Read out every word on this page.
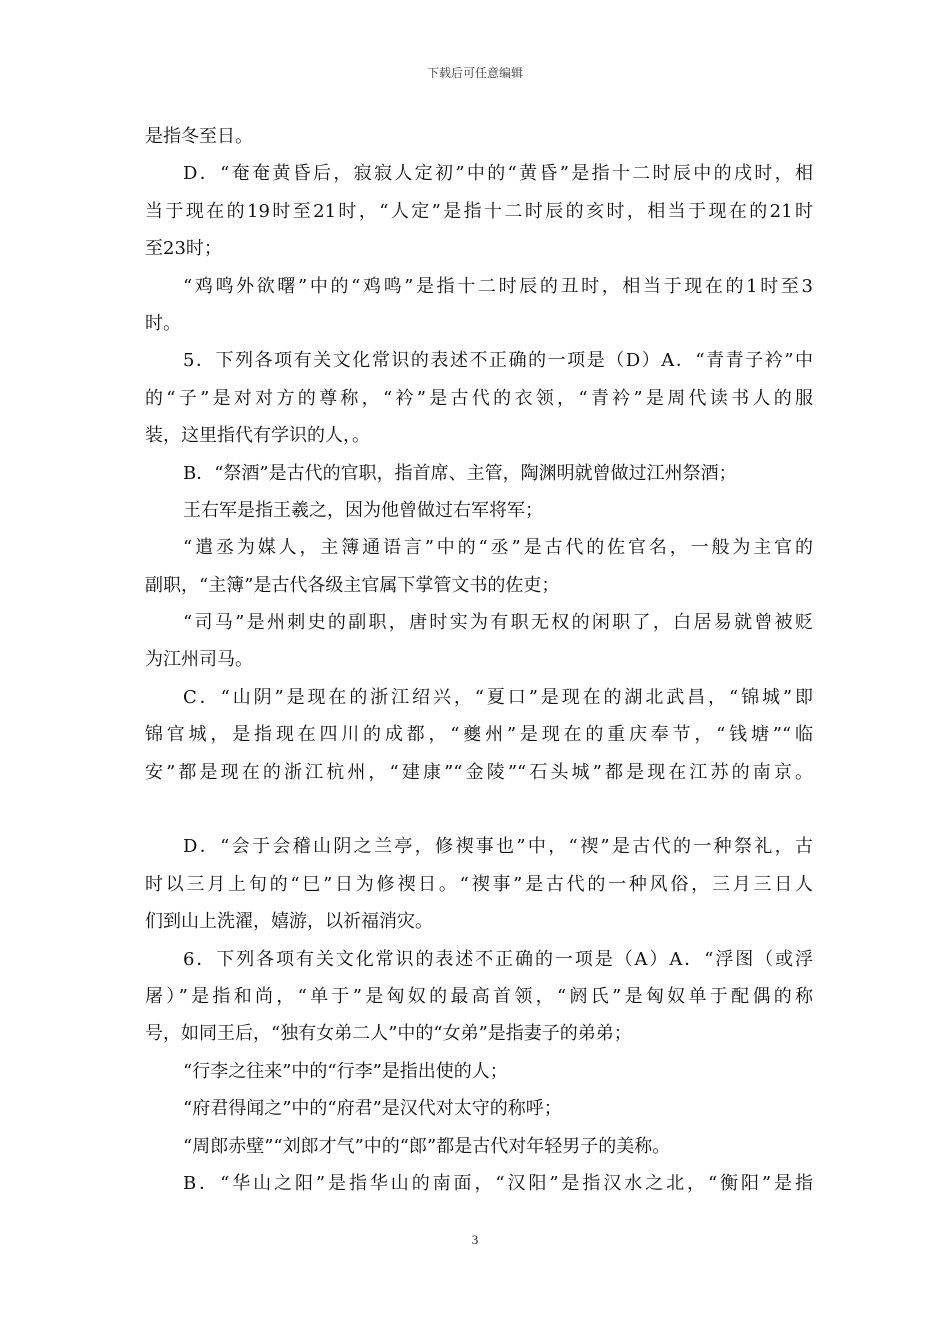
下载后可任意编辑
是指冬至日。
D．“奄奄黄昏后，寂寂人定初”中的“黄昏”是指十二时辰中的戌时，相
当于现在的19时至21时，“人定”是指十二时辰的亥时，相当于现在的21时
至23时；
“鸡鸣外欲曙”中的“鸡鸣”是指十二时辰的丑时，相当于现在的1时至3
时。
5．下列各项有关文化常识的表述不正确的一项是（D）A．“青青子衿”中
的“子”是对对方的尊称，“衿”是古代的衣领，“青衿”是周代读书人的服
装，这里指代有学识的人，。
B．“祭酒”是古代的官职，指首席、主管，陶渊明就曾做过江州祭酒；
王右军是指王羲之，因为他曾做过右军将军；
“遣丞为媒人，主簿通语言”中的“丞”是古代的佐官名，一般为主官的
副职，“主簿”是古代各级主官属下掌管文书的佐吏；
“司马”是州刺史的副职，唐时实为有职无权的闲职了，白居易就曾被贬
为江州司马。
C．“山阴”是现在的浙江绍兴，“夏口”是现在的湖北武昌，“锦城”即
锦官城，是指现在四川的成都，“夔州”是现在的重庆奉节，“钱塘”“临
安”都是现在的浙江杭州，“建康”“金陵”“石头城”都是现在江苏的南京。
D．“会于会稽山阴之兰亭，修禊事也”中，“禊”是古代的一种祭礼，古
时以三月上旬的“巳”日为修禊日。“禊事”是古代的一种风俗，三月三日人
们到山上洗濯，嬉游，以祈福消灾。
6．下列各项有关文化常识的表述不正确的一项是（A）A．“浮图（或浮
屠）”是指和尚，“单于”是匈奴的最高首领，“阏氏”是匈奴单于配偶的称
号，如同王后，“独有女弟二人”中的“女弟”是指妻子的弟弟；
“行李之往来”中的“行李”是指出使的人；
“府君得闻之”中的“府君”是汉代对太守的称呼；
“周郎赤壁”“刘郎才气”中的“郎”都是古代对年轻男子的美称。
B．“华山之阳”是指华山的南面，“汉阳”是指汉水之北，“衡阳”是指
3
